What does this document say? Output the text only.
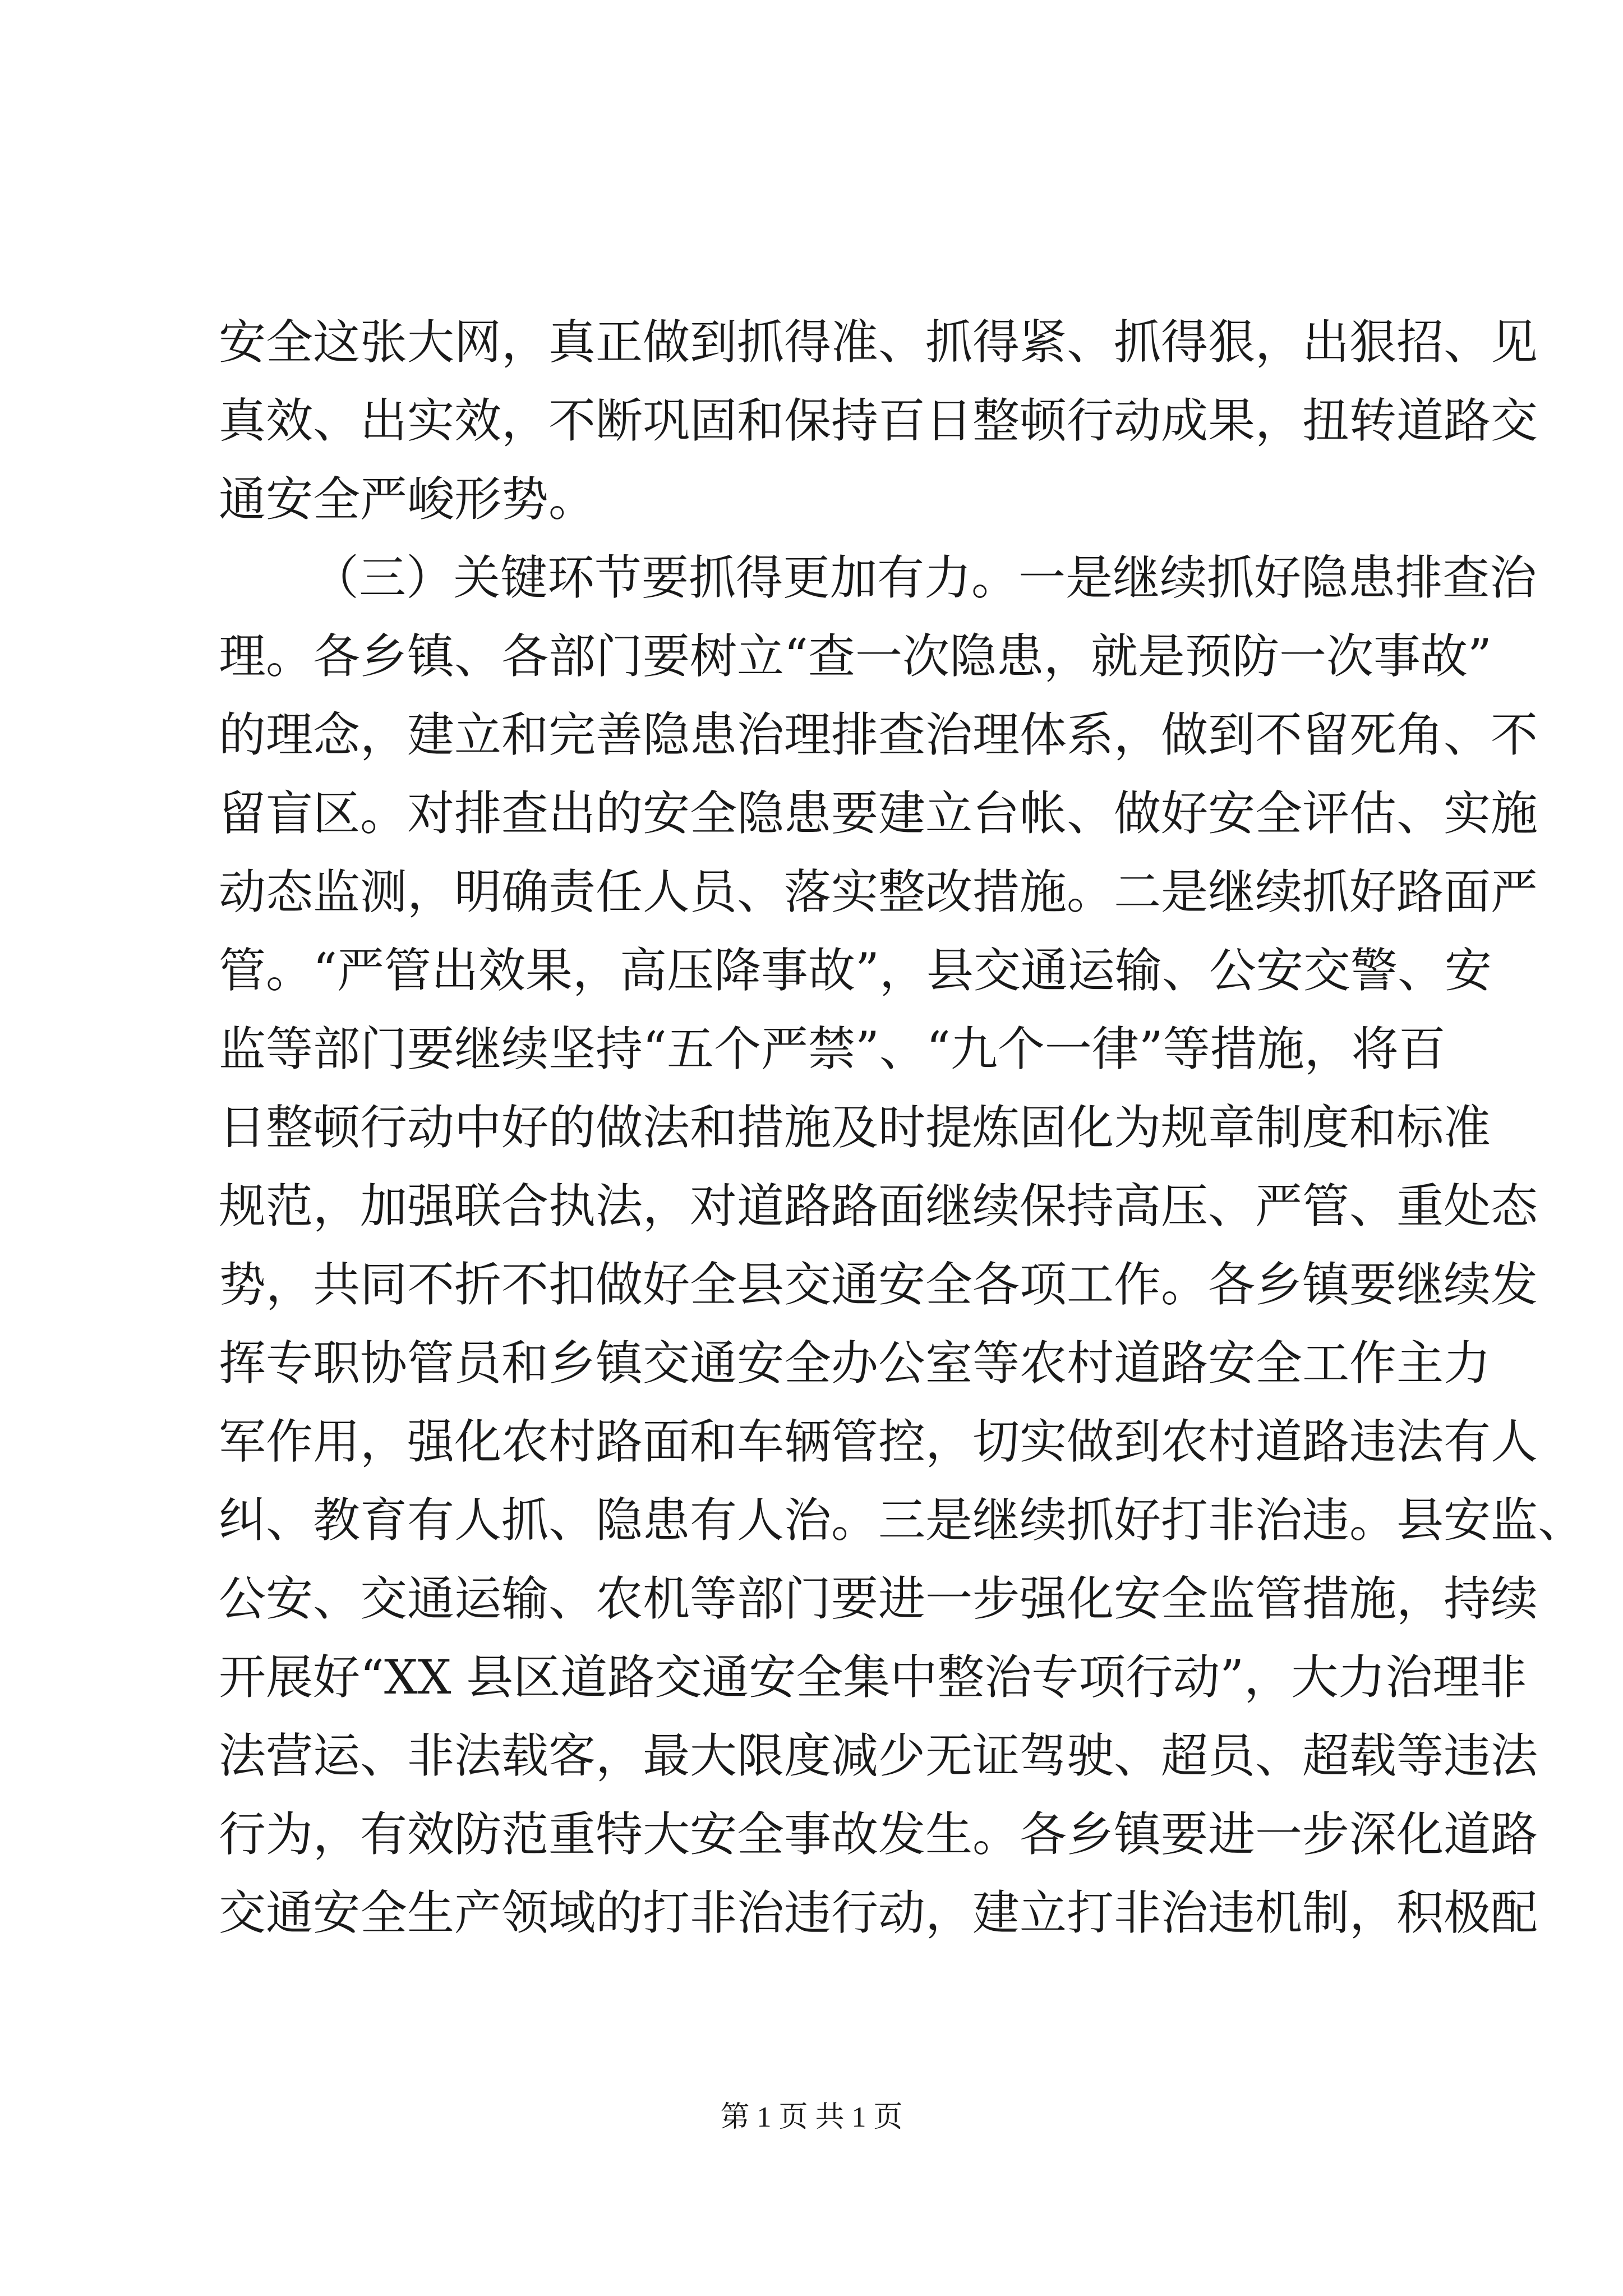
安全这张大网，真正做到抓得准、抓得紧、抓得狠，出狠招、见
真效、出实效，不断巩固和保持百日整顿行动成果，扭转道路交
通安全严峻形势。
（三）关键环节要抓得更加有力。一是继续抓好隐患排查治
理。各乡镇、各部门要树立“查一次隐患，就是预防一次事故”
的理念，建立和完善隐患治理排查治理体系，做到不留死角、不
留盲区。对排查出的安全隐患要建立台帐、做好安全评估、实施
动态监测，明确责任人员、落实整改措施。二是继续抓好路面严
管。“严管出效果，高压降事故”，县交通运输、公安交警、安
监等部门要继续坚持“五个严禁”、“九个一律”等措施，将百
日整顿行动中好的做法和措施及时提炼固化为规章制度和标准
规范，加强联合执法，对道路路面继续保持高压、严管、重处态
势，共同不折不扣做好全县交通安全各项工作。各乡镇要继续发
挥专职协管员和乡镇交通安全办公室等农村道路安全工作主力
军作用，强化农村路面和车辆管控，切实做到农村道路违法有人
纠、教育有人抓、隐患有人治。三是继续抓好打非治违。县安监、
公安、交通运输、农机等部门要进一步强化安全监管措施，持续
开展好“XX 县区道路交通安全集中整治专项行动”，大力治理非
法营运、非法载客，最大限度减少无证驾驶、超员、超载等违法
行为，有效防范重特大安全事故发生。各乡镇要进一步深化道路
交通安全生产领域的打非治违行动，建立打非治违机制，积极配
第 1 页 共 1 页
